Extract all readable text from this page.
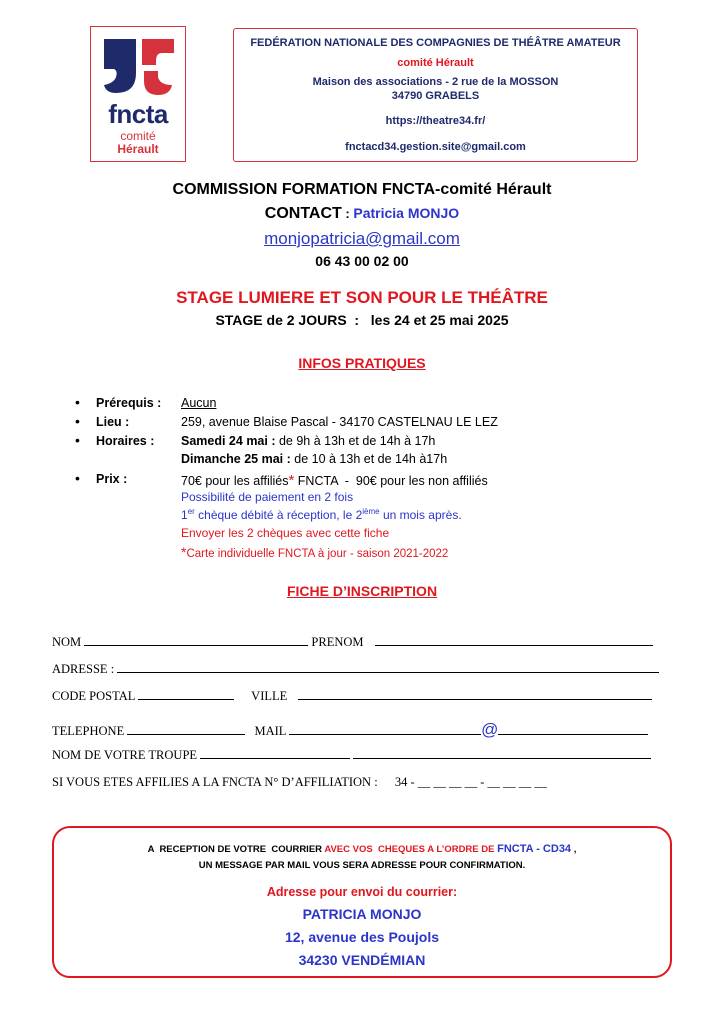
fncta
comité
Hérault
FEDÉRATION NATIONALE DES COMPAGNIES DE THÉÂTRE AMATEUR
comité Hérault
Maison des associations - 2 rue de la MOSSON
34790 GRABELS
https://theatre34.fr/
fnctacd34.gestion.site@gmail.com
COMMISSION FORMATION FNCTA-comité Hérault
CONTACT : Patricia MONJO
monjopatricia@gmail.com
06 43 00 02 00
STAGE LUMIERE ET SON POUR LE THÉÂTRE
STAGE de 2 JOURS  :   les 24 et 25 mai 2025
INFOS PRATIQUES
• Prérequis : Aucun
• Lieu :	259, avenue Blaise Pascal - 34170 CASTELNAU LE LEZ
• Horaires : Samedi 24 mai : de 9h à 13h et de 14h à 17h
Dimanche 25 mai : de 10 à 13h et de 14h à17h
• Prix :	70€ pour les affiliés* FNCTA  -  90€ pour les non affiliés
Possibilité de paiement en 2 fois
1er chèque débité à réception, le 2ième un mois après.
Envoyer les 2 chèques avec cette fiche
*Carte individuelle FNCTA à jour - saison 2021-2022
FICHE D’INSCRIPTION
NOM	PRENOM
ADRESSE :
CODE POSTAL	VILLE
TELEPHONE	MAIL	@
NOM DE VOTRE TROUPE
SI VOUS ETES AFFILIES A LA FNCTA N° D’AFFILIATION : 34 - __ __ __ __ - __ __ __ __
A  RECEPTION DE VOTRE  COURRIER AVEC VOS  CHEQUES A L’ORDRE DE FNCTA - CD34 ,
UN MESSAGE PAR MAIL VOUS SERA ADRESSE POUR CONFIRMATION.
Adresse pour envoi du courrier:
PATRICIA MONJO
12, avenue des Poujols
34230 VENDÉMIAN
